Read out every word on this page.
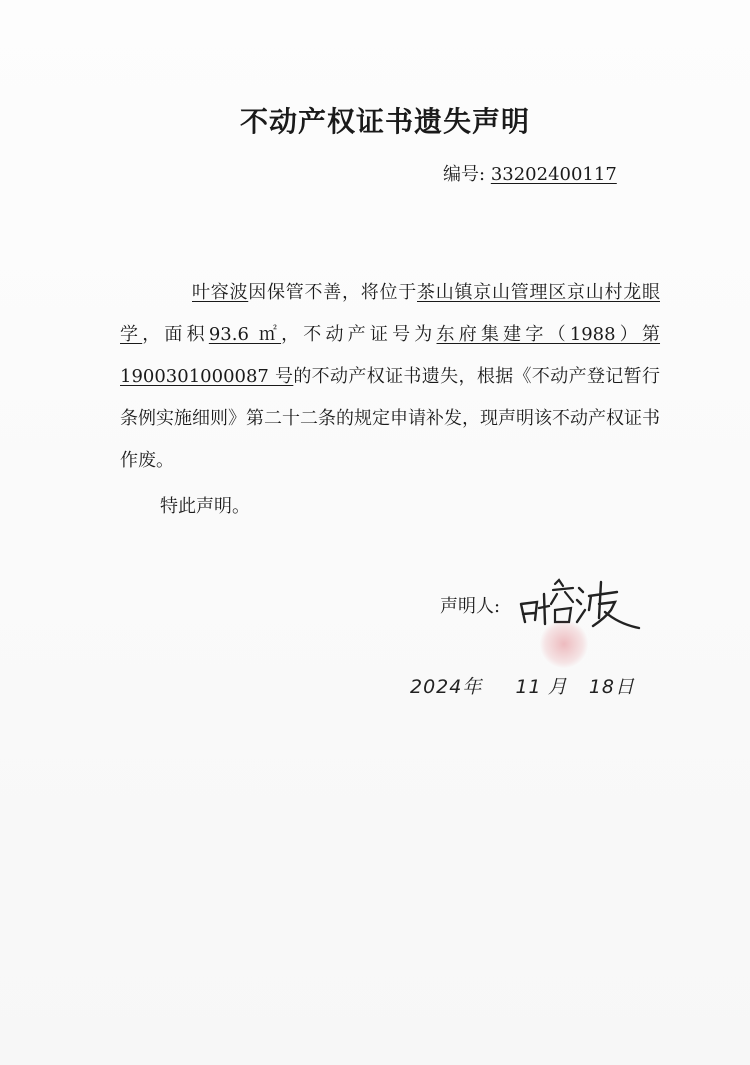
不动产权证书遗失声明
编号: 33202400117

叶容波因保管不善，将位于茶山镇京山管理区京山村龙眼学，面积93.6 ㎡，不动产证号为东府集建字（1988）第 1900301000087 号的不动产权证书遗失，根据《不动产登记暂行条例实施细则》第二十二条的规定申请补发，现声明该不动产权证书作废。

特此声明。

声明人:
2024年 11 月 18日
